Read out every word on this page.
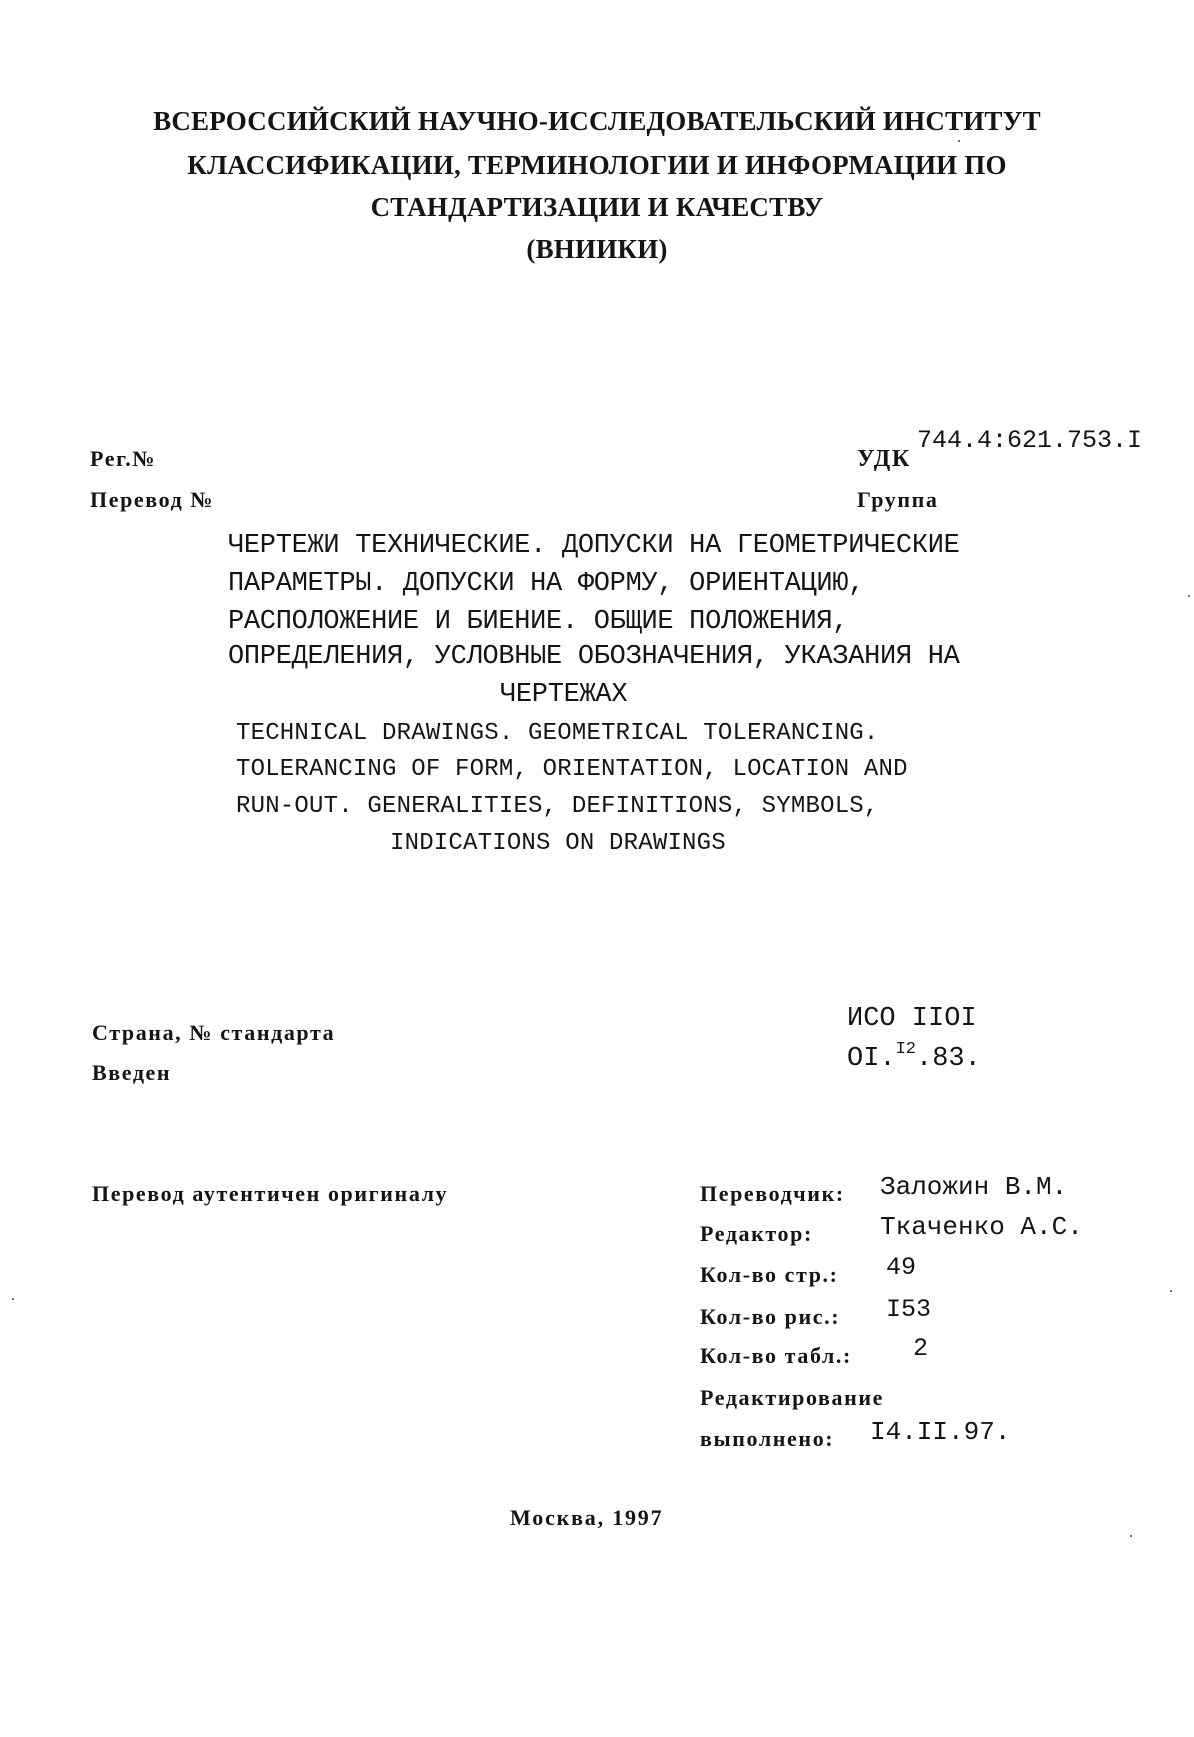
ВСЕРОССИЙСКИЙ НАУЧНО-ИССЛЕДОВАТЕЛЬСКИЙ ИНСТИТУТ
КЛАССИФИКАЦИИ, ТЕРМИНОЛОГИИ И ИНФОРМАЦИИ ПО
СТАНДАРТИЗАЦИИ И КАЧЕСТВУ
(ВНИИКИ)
Рег.№
Перевод №
УДК
744.4:621.753.I
Группа
ЧЕРТЕЖИ ТЕХНИЧЕСКИЕ. ДОПУСКИ НА ГЕОМЕТРИЧЕСКИЕ
ПАРАМЕТРЫ. ДОПУСКИ НА ФОРМУ, ОРИЕНТАЦИЮ,
РАСПОЛОЖЕНИЕ И БИЕНИЕ. ОБЩИЕ ПОЛОЖЕНИЯ,
ОПРЕДЕЛЕНИЯ, УСЛОВНЫЕ ОБОЗНАЧЕНИЯ, УКАЗАНИЯ НА
ЧЕРТЕЖАХ
TECHNICAL DRAWINGS. GEOMETRICAL TOLERANCING.
TOLERANCING OF FORM, ORIENTATION, LOCATION AND
RUN-OUT. GENERALITIES, DEFINITIONS, SYMBOLS,
INDICATIONS ON DRAWINGS
Страна, № стандарта
Введен
ИСО IIOI
OI.$^{I2}$.83.
Перевод аутентичен оригиналу	Переводчик: Заложин В.М.
Редактор:	Ткаченко А.С.
Кол-во стр.: 49
Кол-во рис.: I53
Кол-во табл.: 2
Редактирование
выполнено: I4.II.97.
Москва, 1997
